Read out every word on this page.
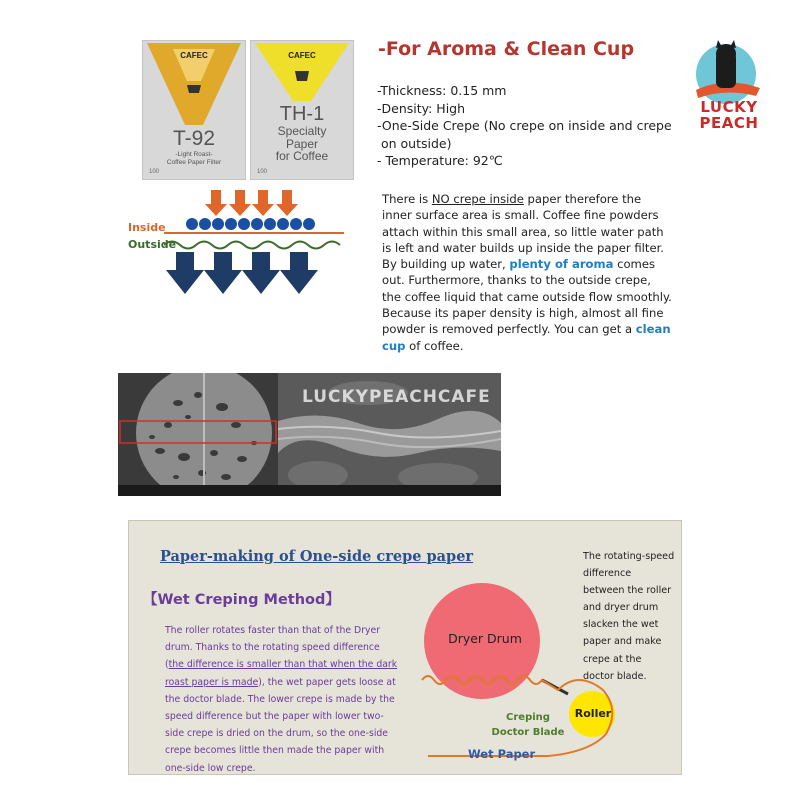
CAFEC
T-92
-Light Roast-
Coffee Paper Filter
100
CAFEC
TH-1
Specialty
Paper
for Coffee
100
-For Aroma & Clean Cup
-Thickness: 0.15 mm
-Density: High
-One-Side Crepe (No crepe on inside and crepe
on outside)
- Temperature: 92℃
There is NO crepe inside paper therefore the inner surface area is small. Coffee fine powders attach within this small area, so little water path is left and water builds up inside the paper filter. By building up water, plenty of aroma comes out. Furthermore, thanks to the outside crepe, the coffee liquid that came outside flow smoothly.
Because its paper density is high, almost all fine powder is removed perfectly. You can get a clean cup of coffee.
LUCKY
PEACH
Inside
Outside
LUCKYPEACHCAFE
Paper-making of One-side crepe paper
【Wet Creping Method】
The roller rotates faster than that of the Dryer drum. Thanks to the rotating speed difference (the difference is smaller than that when the dark roast paper is made), the wet paper gets loose at the doctor blade. The lower crepe is made by the speed difference but the paper with lower two-side crepe is dried on the drum, so the one-side crepe becomes little then made the paper with one-side low crepe.
The rotating-speed difference between the roller and dryer drum slacken the wet paper and make crepe at the doctor blade.
Dryer Drum
Roller
Creping
Doctor Blade
Wet Paper
